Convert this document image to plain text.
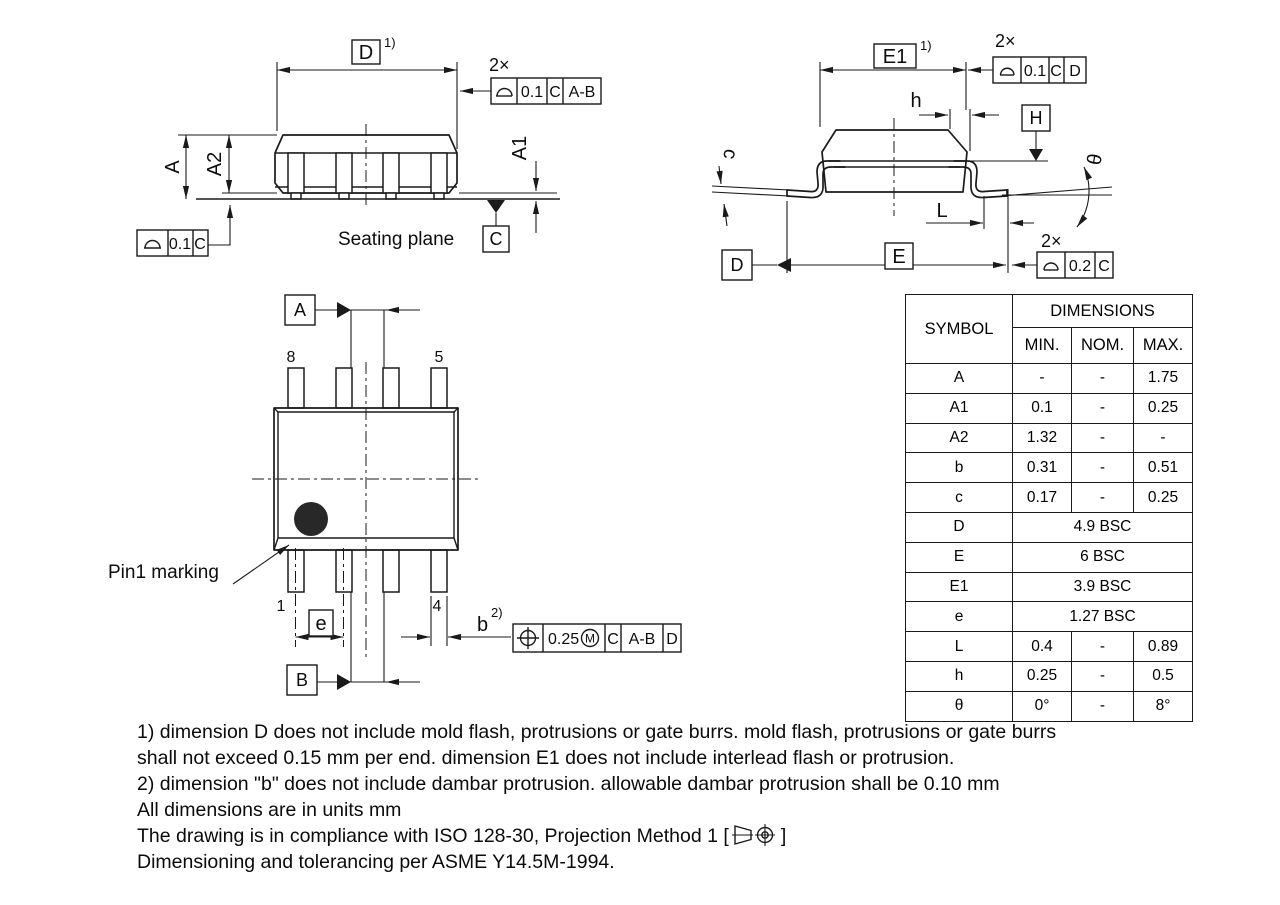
D 1)
2×
0.1 C A-B
A A2
A1
0.1 C	Seating plane C
E1
1)	2×
0.1 C D
h
H
c	θ
L
E
D
2×
0.2 C
A
8	5
Pin1 marking
1	4
e
B
b
2)
0.25 M C A-B D
SYMBOL	DIMENSIONS		
	MIN.	NOM.	MAX.
A	-	-	1.75
A1	0.1	-	0.25
A2	1.32	-	-
b	0.31	-	0.51
c	0.17	-	0.25
D	4.9 BSC		
E	6 BSC		
E1	3.9 BSC		
e	1.27 BSC		
L	0.4	-	0.89
h	0.25	-	0.5
θ	0°	-	8°
1) dimension D does not include mold flash, protrusions or gate burrs. mold flash, protrusions or gate burrs
shall not exceed 0.15 mm per end. dimension E1 does not include interlead flash or protrusion.
2) dimension "b" does not include dambar protrusion. allowable dambar protrusion shall be 0.10 mm
All dimensions are in units mm
The drawing is in compliance with ISO 128-30, Projection Method 1 [	]
Dimensioning and tolerancing per ASME Y14.5M-1994.
